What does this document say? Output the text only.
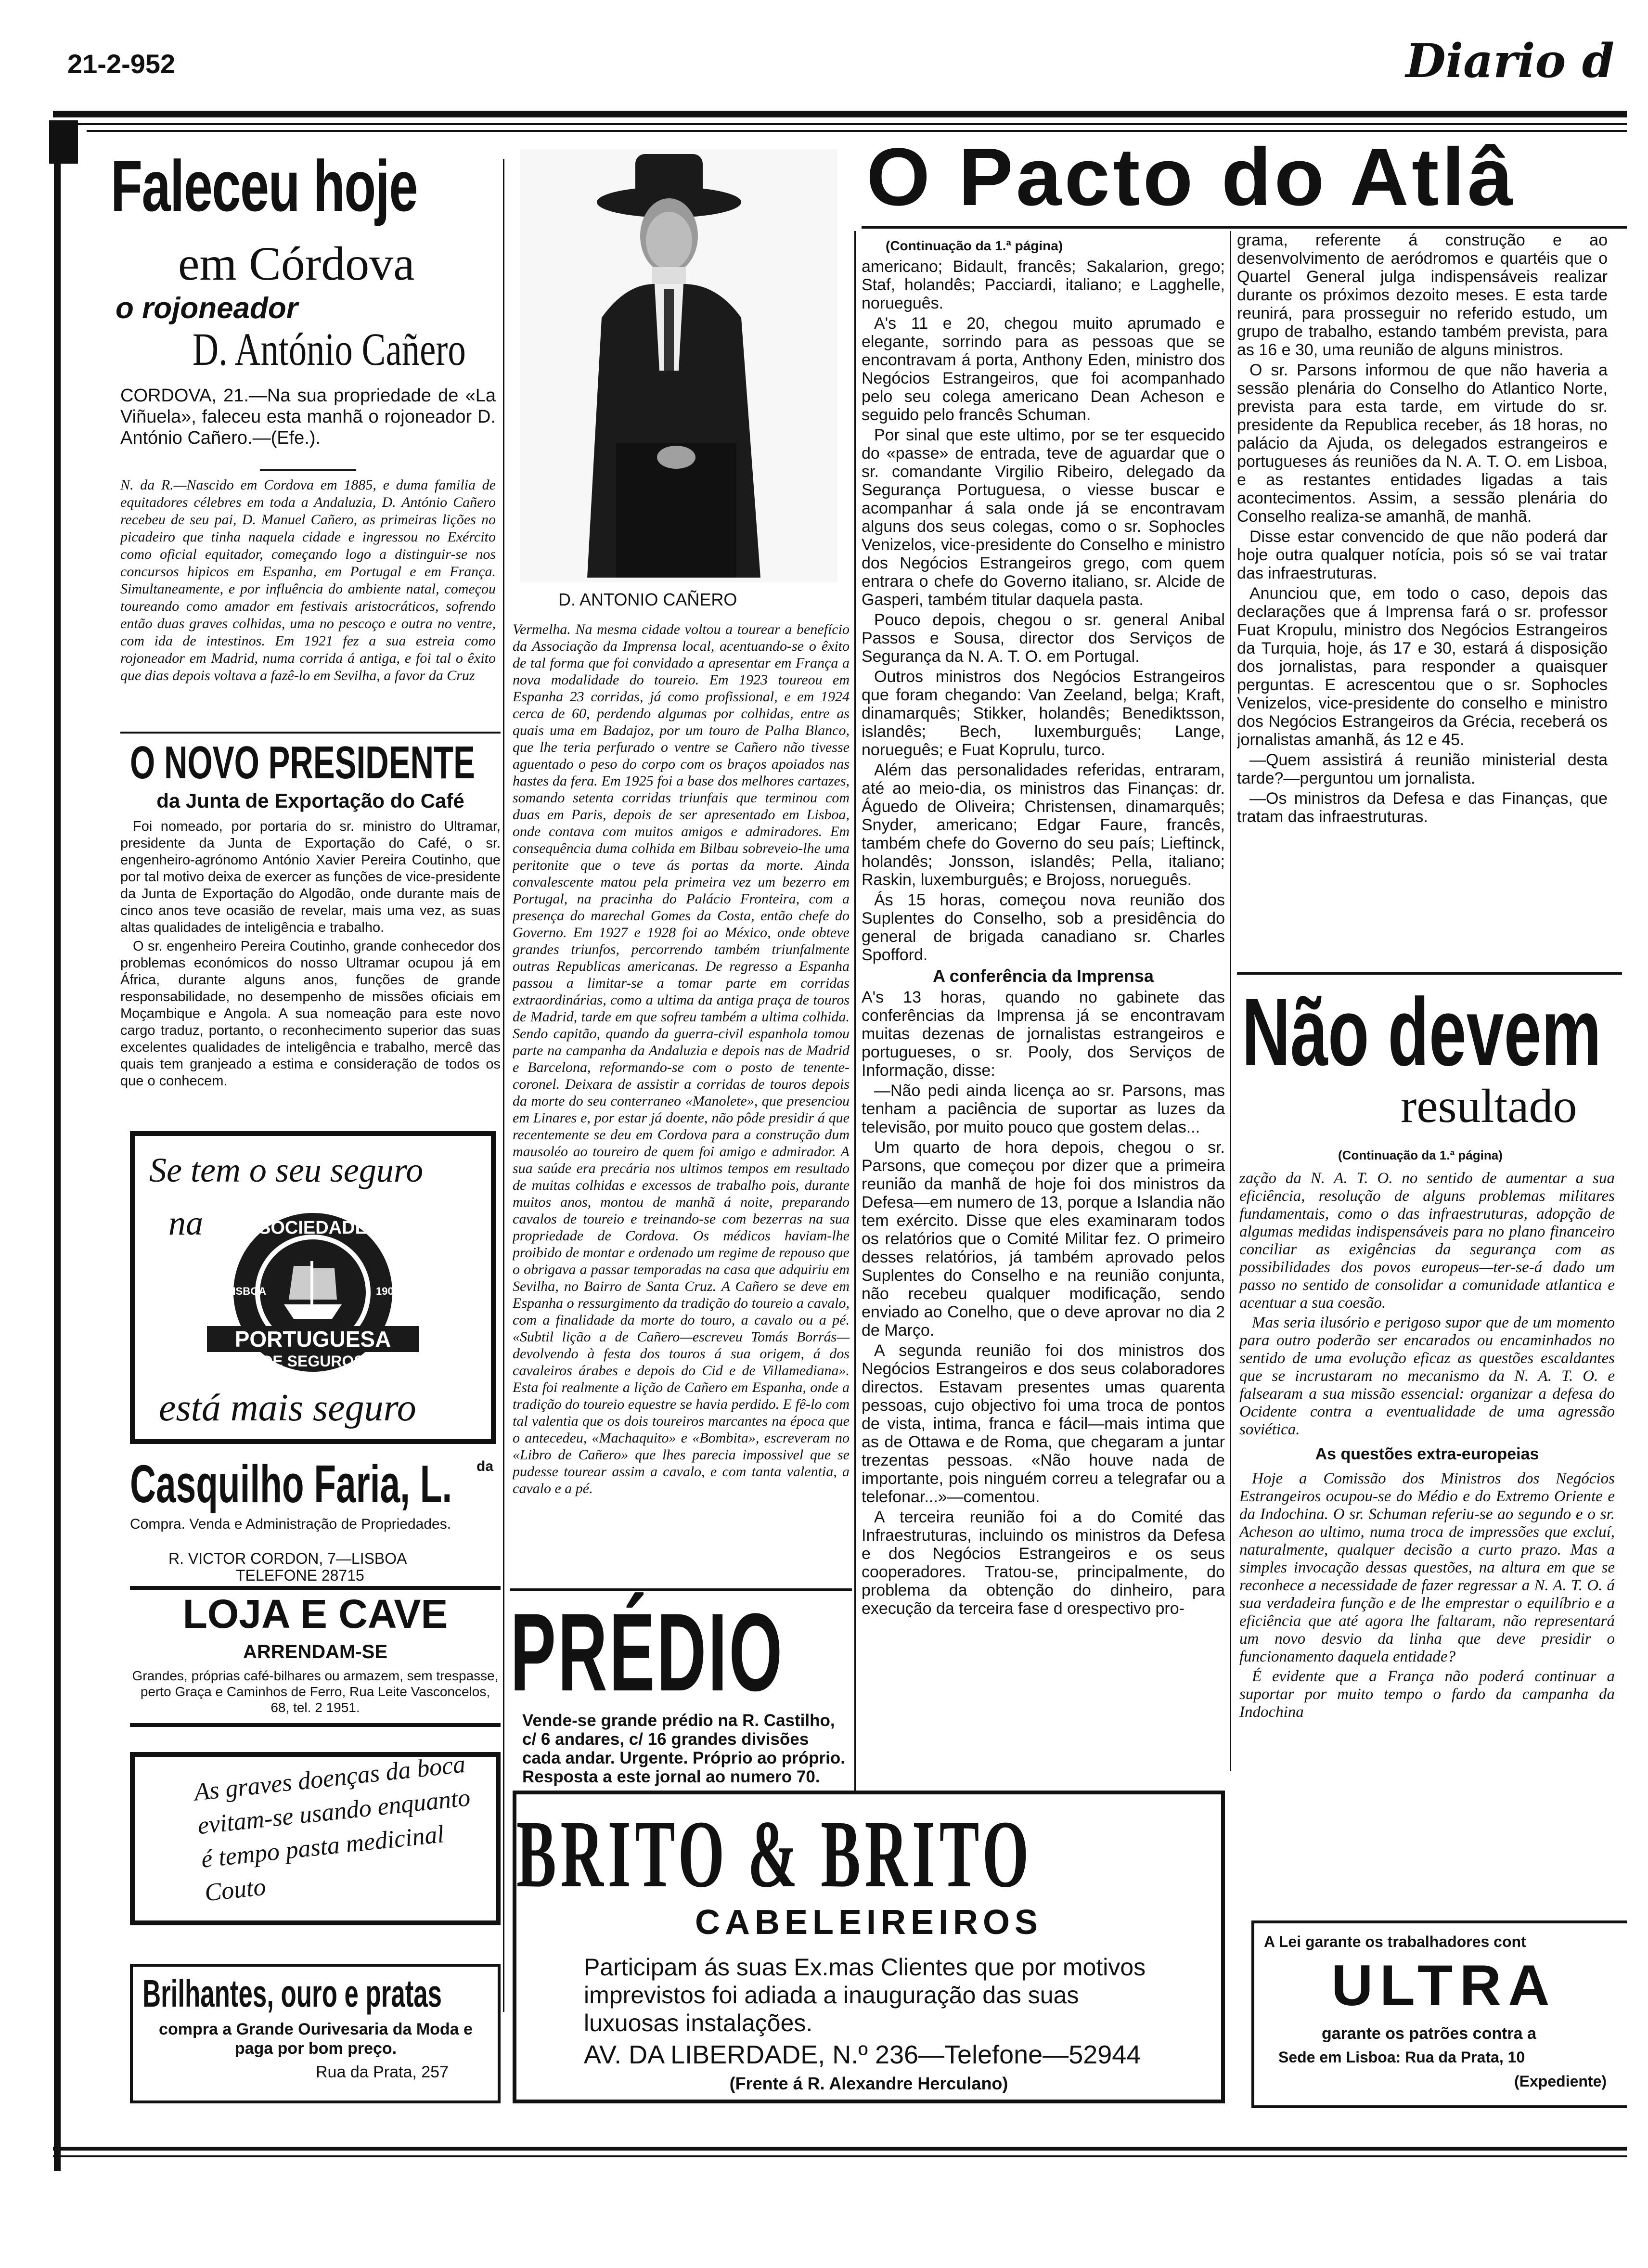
21-2-952	Diario d
Faleceu hoje
em Córdova
o rojoneador
D. António Cañero
CORDOVA, 21.—Na sua propriedade de «La Viñuela», faleceu esta manhã o rojoneador D. António Cañero.—(Efe.).
N. da R.—Nascido em Cordova em 1885, e duma familia de equitadores célebres em toda a Andaluzia, D. António Cañero recebeu de seu pai, D. Manuel Cañero, as primeiras lições no picadeiro que tinha naquela cidade e ingressou no Exército como oficial equitador, começando logo a distinguir-se nos concursos hipicos em Espanha, em Portugal e em França. Simultaneamente, e por influência do ambiente natal, começou toureando como amador em festivais aristocráticos, sofrendo então duas graves colhidas, uma no pescoço e outra no ventre, com ida de intestinos. Em 1921 fez a sua estreia como rojoneador em Madrid, numa corrida á antiga, e foi tal o êxito que dias depois voltava a fazê-lo em Sevilha, a favor da Cruz
D. ANTONIO CAÑERO
Vermelha. Na mesma cidade voltou a tourear a benefício da Associação da Imprensa local, acentuando-se o êxito de tal forma que foi convidado a apresentar em França a nova modalidade do toureio. Em 1923 toureou em Espanha 23 corridas, já como profissional, e em 1924 cerca de 60, perdendo algumas por colhidas, entre as quais uma em Badajoz, por um touro de Palha Blanco, que lhe teria perfurado o ventre se Cañero não tivesse aguentado o peso do corpo com os braços apoiados nas hastes da fera. Em 1925 foi a base dos melhores cartazes, somando setenta corridas triunfais que terminou com duas em Paris, depois de ser apresentado em Lisboa, onde contava com muitos amigos e admiradores. Em consequência duma colhida em Bilbau sobreveio-lhe uma peritonite que o teve ás portas da morte. Ainda convalescente matou pela primeira vez um bezerro em Portugal, na pracinha do Palácio Fronteira, com a presença do marechal Gomes da Costa, então chefe do Governo. Em 1927 e 1928 foi ao México, onde obteve grandes triunfos, percorrendo também triunfalmente outras Republicas americanas. De regresso a Espanha passou a limitar-se a tomar parte em corridas extraordinárias, como a ultima da antiga praça de touros de Madrid, tarde em que sofreu também a ultima colhida. Sendo capitão, quando da guerra-civil espanhola tomou parte na campanha da Andaluzia e depois nas de Madrid e Barcelona, reformando-se com o posto de tenente-coronel. Deixara de assistir a corridas de touros depois da morte do seu conterraneo «Manolete», que presenciou em Linares e, por estar já doente, não pôde presidir á que recentemente se deu em Cordova para a construção dum mausoléo ao toureiro de quem foi amigo e admirador. A sua saúde era precária nos ultimos tempos em resultado de muitas colhidas e excessos de trabalho pois, durante muitos anos, montou de manhã á noite, preparando cavalos de toureio e treinando-se com bezerras na sua propriedade de Cordova. Os médicos haviam-lhe proibido de montar e ordenado um regime de repouso que o obrigava a passar temporadas na casa que adquiriu em Sevilha, no Bairro de Santa Cruz. A Cañero se deve em Espanha o ressurgimento da tradição do toureio a cavalo, com a finalidade da morte do touro, a cavalo ou a pé. «Subtil lição a de Cañero—escreveu Tomás Borrás—devolvendo à festa dos touros á sua origem, á dos cavaleiros árabes e depois do Cid e de Villamediana». Esta foi realmente a lição de Cañero em Espanha, onde a tradição do toureio equestre se havia perdido. E fê-lo com tal valentia que os dois toureiros marcantes na época que o antecedeu, «Machaquito» e «Bombita», escreveram no «Libro de Cañero» que lhes parecia impossivel que se pudesse tourear assim a cavalo, e com tanta valentia, a cavalo e a pé.
O NOVO PRESIDENTE
da Junta de Exportação do Café

Foi nomeado, por portaria do sr. ministro do Ultramar, presidente da Junta de Exportação do Café, o sr. engenheiro-agrónomo António Xavier Pereira Coutinho, que por tal motivo deixa de exercer as funções de vice-presidente da Junta de Exportação do Algodão, onde durante mais de cinco anos teve ocasião de revelar, mais uma vez, as suas altas qualidades de inteligência e trabalho.

O sr. engenheiro Pereira Coutinho, grande conhecedor dos problemas económicos do nosso Ultramar ocupou já em África, durante alguns anos, funções de grande responsabilidade, no desempenho de missões oficiais em Moçambique e Angola. A sua nomeação para este novo cargo traduz, portanto, o reconhecimento superior das suas excelentes qualidades de inteligência e trabalho, mercê das quais tem granjeado a estima e consideração de todos os que o conhecem.

Se tem o seu seguro
na	SOCIEDADE
LISBOA	1900
PORTUGUESA
DE SEGUROS
está mais seguro
Casquilho Faria, L. da
Compra. Venda e Administração de Propriedades.
R. VICTOR CORDON, 7—LISBOA
TELEFONE 28715
LOJA E CAVE
ARRENDAM-SE
Grandes, próprias café-bilhares ou armazem, sem trespasse, perto Graça e Caminhos de Ferro, Rua Leite Vasconcelos, 68, tel. 2 1951.
As graves doenças da boca evitam-se usando enquanto é tempo pasta medicinal Couto
Brilhantes, ouro e pratas
compra a Grande Ourivesaria da Moda e paga por bom preço.
Rua da Prata, 257
PRÉDIO
Vende-se grande prédio na R. Castilho, c/ 6 andares, c/ 16 grandes divisões cada andar. Urgente. Próprio ao próprio. Resposta a este jornal ao numero 70.
O Pacto do Atlâ
(Continuação da 1.ª página)

americano; Bidault, francês; Sakalarion, grego; Staf, holandês; Pacciardi, italiano; e Lagghelle, norueguês.

A's 11 e 20, chegou muito aprumado e elegante, sorrindo para as pessoas que se encontravam á porta, Anthony Eden, ministro dos Negócios Estrangeiros, que foi acompanhado pelo seu colega americano Dean Acheson e seguido pelo francês Schuman.

Por sinal que este ultimo, por se ter esquecido do «passe» de entrada, teve de aguardar que o sr. comandante Virgilio Ribeiro, delegado da Segurança Portuguesa, o viesse buscar e acompanhar á sala onde já se encontravam alguns dos seus colegas, como o sr. Sophocles Venizelos, vice-presidente do Conselho e ministro dos Negócios Estrangeiros grego, com quem entrara o chefe do Governo italiano, sr. Alcide de Gasperi, também titular daquela pasta.

Pouco depois, chegou o sr. general Anibal Passos e Sousa, director dos Serviços de Segurança da N. A. T. O. em Portugal.

Outros ministros dos Negócios Estrangeiros que foram chegando: Van Zeeland, belga; Kraft, dinamarquês; Stikker, holandês; Benediktsson, islandês; Bech, luxemburguês; Lange, norueguês; e Fuat Koprulu, turco.

Além das personalidades referidas, entraram, até ao meio-dia, os ministros das Finanças: dr. Águedo de Oliveira; Christensen, dinamarquês; Snyder, americano; Edgar Faure, francês, também chefe do Governo do seu país; Lieftinck, holandês; Jonsson, islandês; Pella, italiano; Raskin, luxemburguês; e Brojoss, norueguês.

Ás 15 horas, começou nova reunião dos Suplentes do Conselho, sob a presidência do general de brigada canadiano sr. Charles Spofford.

A conferência da Imprensa

A's 13 horas, quando no gabinete das conferências da Imprensa já se encontravam muitas dezenas de jornalistas estrangeiros e portugueses, o sr. Pooly, dos Serviços de Informação, disse:

—Não pedi ainda licença ao sr. Parsons, mas tenham a paciência de suportar as luzes da televisão, por muito pouco que gostem delas...

Um quarto de hora depois, chegou o sr. Parsons, que começou por dizer que a primeira reunião da manhã de hoje foi dos ministros da Defesa—em numero de 13, porque a Islandia não tem exército. Disse que eles examinaram todos os relatórios que o Comité Militar fez. O primeiro desses relatórios, já também aprovado pelos Suplentes do Conselho e na reunião conjunta, não recebeu qualquer modificação, sendo enviado ao Conelho, que o deve aprovar no dia 2 de Março.

A segunda reunião foi dos ministros dos Negócios Estrangeiros e dos seus colaboradores directos. Estavam presentes umas quarenta pessoas, cujo objectivo foi uma troca de pontos de vista, intima, franca e fácil—mais intima que as de Ottawa e de Roma, que chegaram a juntar trezentas pessoas. «Não houve nada de importante, pois ninguém correu a telegrafar ou a telefonar...»—comentou.

A terceira reunião foi a do Comité das Infraestruturas, incluindo os ministros da Defesa e dos Negócios Estrangeiros e os seus cooperadores. Tratou-se, principalmente, do problema da obtenção do dinheiro, para execução da terceira fase d orespectivo pro-

grama, referente á construção e ao desenvolvimento de aeródromos e quartéis que o Quartel General julga indispensáveis realizar durante os próximos dezoito meses. E esta tarde reunirá, para prosseguir no referido estudo, um grupo de trabalho, estando também prevista, para as 16 e 30, uma reunião de alguns ministros.

O sr. Parsons informou de que não haveria a sessão plenária do Conselho do Atlantico Norte, prevista para esta tarde, em virtude do sr. presidente da Republica receber, ás 18 horas, no palácio da Ajuda, os delegados estrangeiros e portugueses ás reuniões da N. A. T. O. em Lisboa, e as restantes entidades ligadas a tais acontecimentos. Assim, a sessão plenária do Conselho realiza-se amanhã, de manhã.

Disse estar convencido de que não poderá dar hoje outra qualquer notícia, pois só se vai tratar das infraestruturas.

Anunciou que, em todo o caso, depois das declarações que á Imprensa fará o sr. professor Fuat Kropulu, ministro dos Negócios Estrangeiros da Turquia, hoje, ás 17 e 30, estará á disposição dos jornalistas, para responder a quaisquer perguntas. E acrescentou que o sr. Sophocles Venizelos, vice-presidente do conselho e ministro dos Negócios Estrangeiros da Grécia, receberá os jornalistas amanhã, ás 12 e 45.

—Quem assistirá á reunião ministerial desta tarde?—perguntou um jornalista.

—Os ministros da Defesa e das Finanças, que tratam das infraestruturas.

Não devem
resultado
(Continuação da 1.ª página)

zação da N. A. T. O. no sentido de aumentar a sua eficiência, resolução de alguns problemas militares fundamentais, como o das infraestruturas, adopção de algumas medidas indispensáveis para no plano financeiro conciliar as exigências da segurança com as possibilidades dos povos europeus—ter-se-á dado um passo no sentido de consolidar a comunidade atlantica e acentuar a sua coesão.

Mas seria ilusório e perigoso supor que de um momento para outro poderão ser encarados ou encaminhados no sentido de uma evolução eficaz as questões escaldantes que se incrustaram no mecanismo da N. A. T. O. e falsearam a sua missão essencial: organizar a defesa do Ocidente contra a eventualidade de uma agressão soviética.

As questões extra-europeias

Hoje a Comissão dos Ministros dos Negócios Estrangeiros ocupou-se do Médio e do Extremo Oriente e da Indochina. O sr. Schuman referiu-se ao segundo e o sr. Acheson ao ultimo, numa troca de impressões que excluí, naturalmente, qualquer decisão a curto prazo. Mas a simples invocação dessas questões, na altura em que se reconhece a necessidade de fazer regressar a N. A. T. O. á sua verdadeira função e de lhe emprestar o equilíbrio e a eficiência que até agora lhe faltaram, não representará um novo desvio da linha que deve presidir o funcionamento daquela entidade?

É evidente que a França não poderá continuar a suportar por muito tempo o fardo da campanha da Indochina

BRITO & BRITO
CABELEIREIROS
Participam ás suas Ex.mas Clientes que por motivos imprevistos foi adiada a inauguração das suas luxuosas instalações.
AV. DA LIBERDADE, N.º 236—Telefone—52944
(Frente á R. Alexandre Herculano)
A Lei garante os trabalhadores cont
ULTRA
garante os patrões contra a
Sede em Lisboa: Rua da Prata, 10
(Expediente)
